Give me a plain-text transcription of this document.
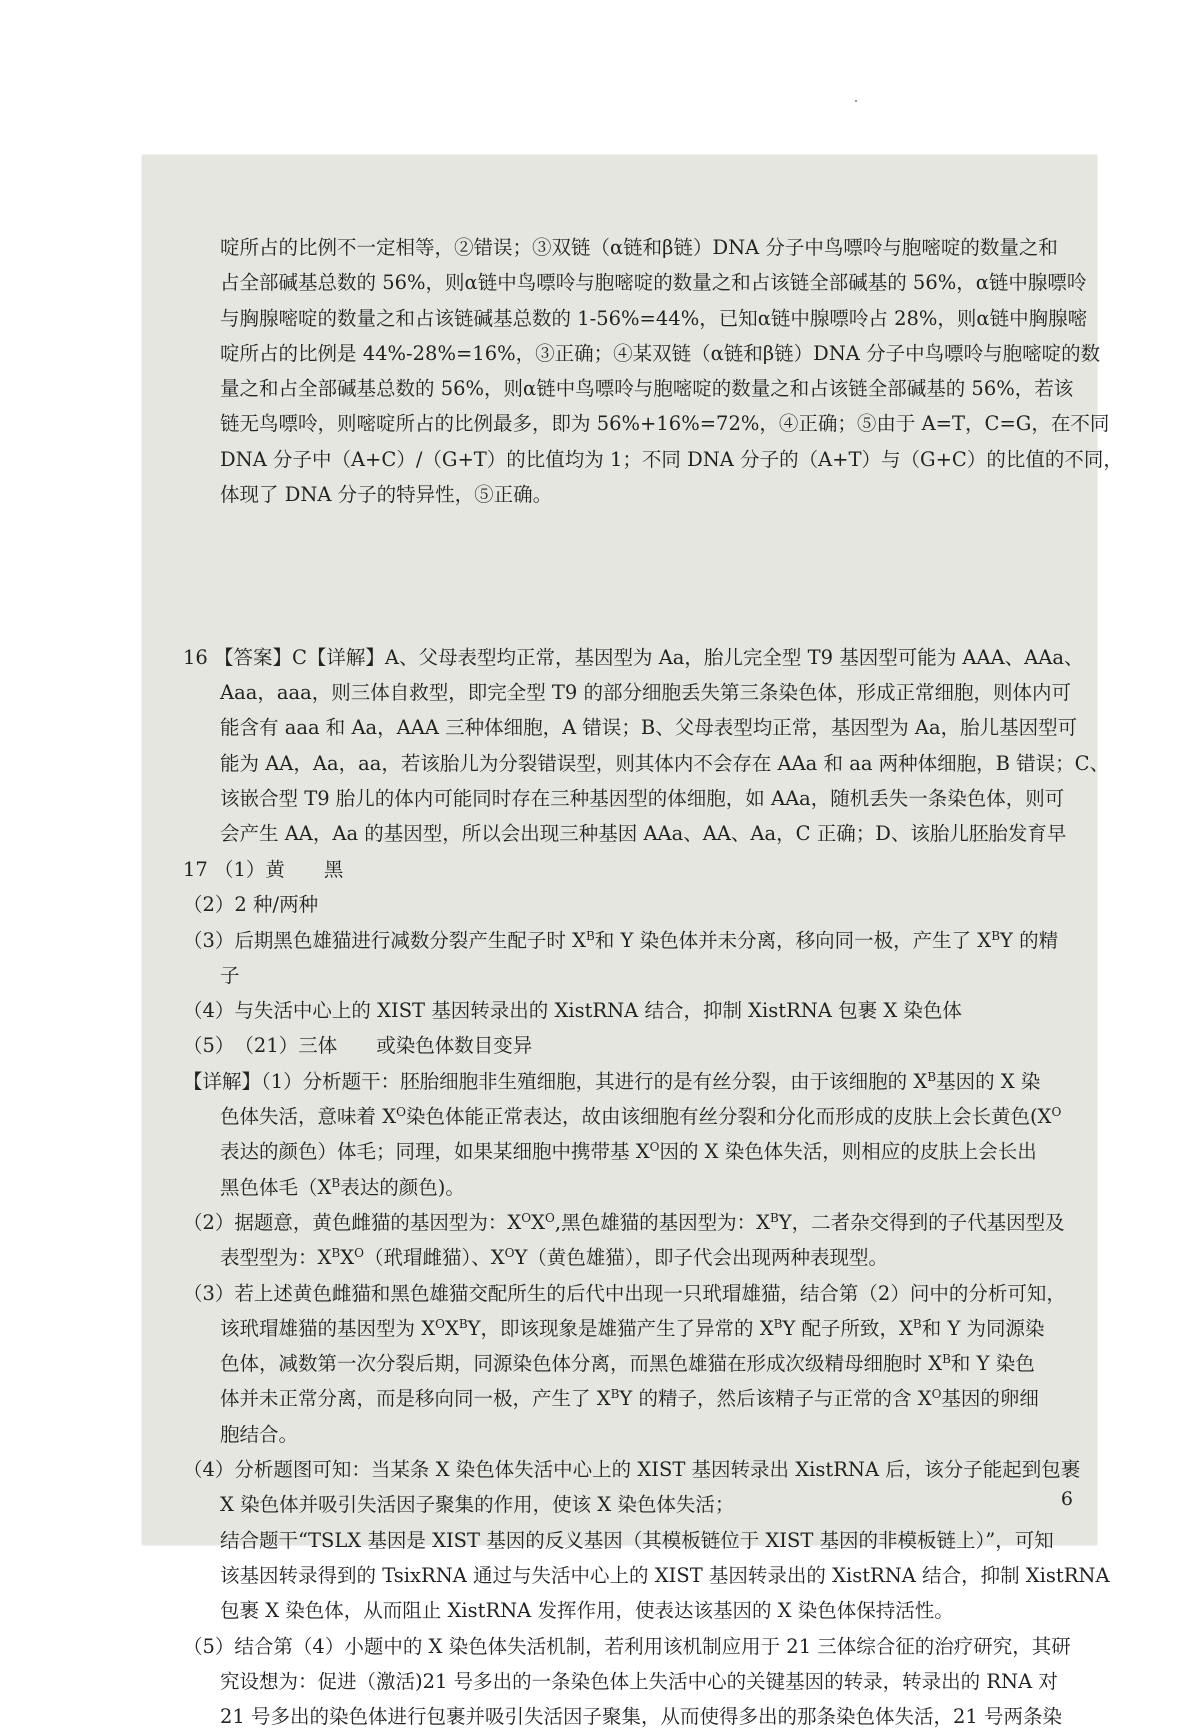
啶所占的比例不一定相等，②错误；③双链（α链和β链）DNA 分子中鸟嘌呤与胞嘧啶的数量之和
占全部碱基总数的 56%，则α链中鸟嘌呤与胞嘧啶的数量之和占该链全部碱基的 56%，α链中腺嘌呤
与胸腺嘧啶的数量之和占该链碱基总数的 1-56%=44%，已知α链中腺嘌呤占 28%，则α链中胸腺嘧
啶所占的比例是 44%-28%=16%，③正确；④某双链（α链和β链）DNA 分子中鸟嘌呤与胞嘧啶的数
量之和占全部碱基总数的 56%，则α链中鸟嘌呤与胞嘧啶的数量之和占该链全部碱基的 56%，若该
链无鸟嘌呤，则嘧啶所占的比例最多，即为 56%+16%=72%，④正确；⑤由于 A=T，C=G，在不同
DNA 分子中（A+C）/（G+T）的比值均为 1；不同 DNA 分子的（A+T）与（G+C）的比值的不同，
体现了 DNA 分子的特异性，⑤正确。
16 【答案】C【详解】A、父母表型均正常，基因型为 Aa，胎儿完全型 T9 基因型可能为 AAA、AAa、
Aaa，aaa，则三体自救型，即完全型 T9 的部分细胞丢失第三条染色体，形成正常细胞，则体内可
能含有 aaa 和 Aa，AAA 三种体细胞，A 错误；B、父母表型均正常，基因型为 Aa，胎儿基因型可
能为 AA，Aa，aa，若该胎儿为分裂错误型，则其体内不会存在 AAa 和 aa 两种体细胞，B 错误；C、
该嵌合型 T9 胎儿的体内可能同时存在三种基因型的体细胞，如 AAa，随机丢失一条染色体，则可
会产生 AA，Aa 的基因型，所以会出现三种基因 AAa、AA、Aa，C 正确；D、该胎儿胚胎发育早
17 （1）黄　　黑
（2）2 种/两种
（3）后期黑色雄猫进行减数分裂产生配子时 $X^B$和 Y 染色体并未分离，移向同一极，产生了 $X^BY$ 的精
子
（4）与失活中心上的 XIST 基因转录出的 XistRNA 结合，抑制 XistRNA 包裹 X 染色体
（5）　（21）三体　　或染色体数目变异
【详解】（1）分析题干：胚胎细胞非生殖细胞，其进行的是有丝分裂，由于该细胞的 $X^B$基因的 X 染
色体失活，意味着 $X^O$染色体能正常表达，故由该细胞有丝分裂和分化而形成的皮肤上会长黄色($X^O$
表达的颜色）体毛；同理，如果某细胞中携带基 $X^O$因的 X 染色体失活，则相应的皮肤上会长出
黑色体毛（$X^B$表达的颜色)。
（2）据题意，黄色雌猫的基因型为：$X^OX^O$,黑色雄猫的基因型为：$X^BY$，二者杂交得到的子代基因型及
表型型为：$X^BX^O$（玳瑁雌猫）、$X^OY$（黄色雄猫），即子代会出现两种表现型。
（3）若上述黄色雌猫和黑色雄猫交配所生的后代中出现一只玳瑁雄猫，结合第（2）问中的分析可知，
该玳瑁雄猫的基因型为 $X^OX^BY$，即该现象是雄猫产生了异常的 $X^BY$ 配子所致，$X^B$和 Y 为同源染
色体，减数第一次分裂后期，同源染色体分离，而黑色雄猫在形成次级精母细胞时 $X^B$和 Y 染色
体并未正常分离，而是移向同一极，产生了 $X^BY$ 的精子，然后该精子与正常的含 $X^O$基因的卵细
胞结合。
（4）分析题图可知：当某条 X 染色体失活中心上的 XIST 基因转录出 XistRNA 后，该分子能起到包裹
X 染色体并吸引失活因子聚集的作用，使该 X 染色体失活；
结合题干“TSLX 基因是 XIST 基因的反义基因（其模板链位于 XIST 基因的非模板链上）”，可知
该基因转录得到的 TsixRNA 通过与失活中心上的 XIST 基因转录出的 XistRNA 结合，抑制 XistRNA
包裹 X 染色体，从而阻止 XistRNA 发挥作用，使表达该基因的 X 染色体保持活性。
（5）结合第（4）小题中的 X 染色体失活机制，若利用该机制应用于 21 三体综合征的治疗研究，其研
究设想为：促进（激活)21 号多出的一条染色体上失活中心的关键基因的转录，转录出的 RNA 对
21 号多出的染色体进行包裹并吸引失活因子聚集，从而使得多出的那条染色体失活，21 号两条染
6
